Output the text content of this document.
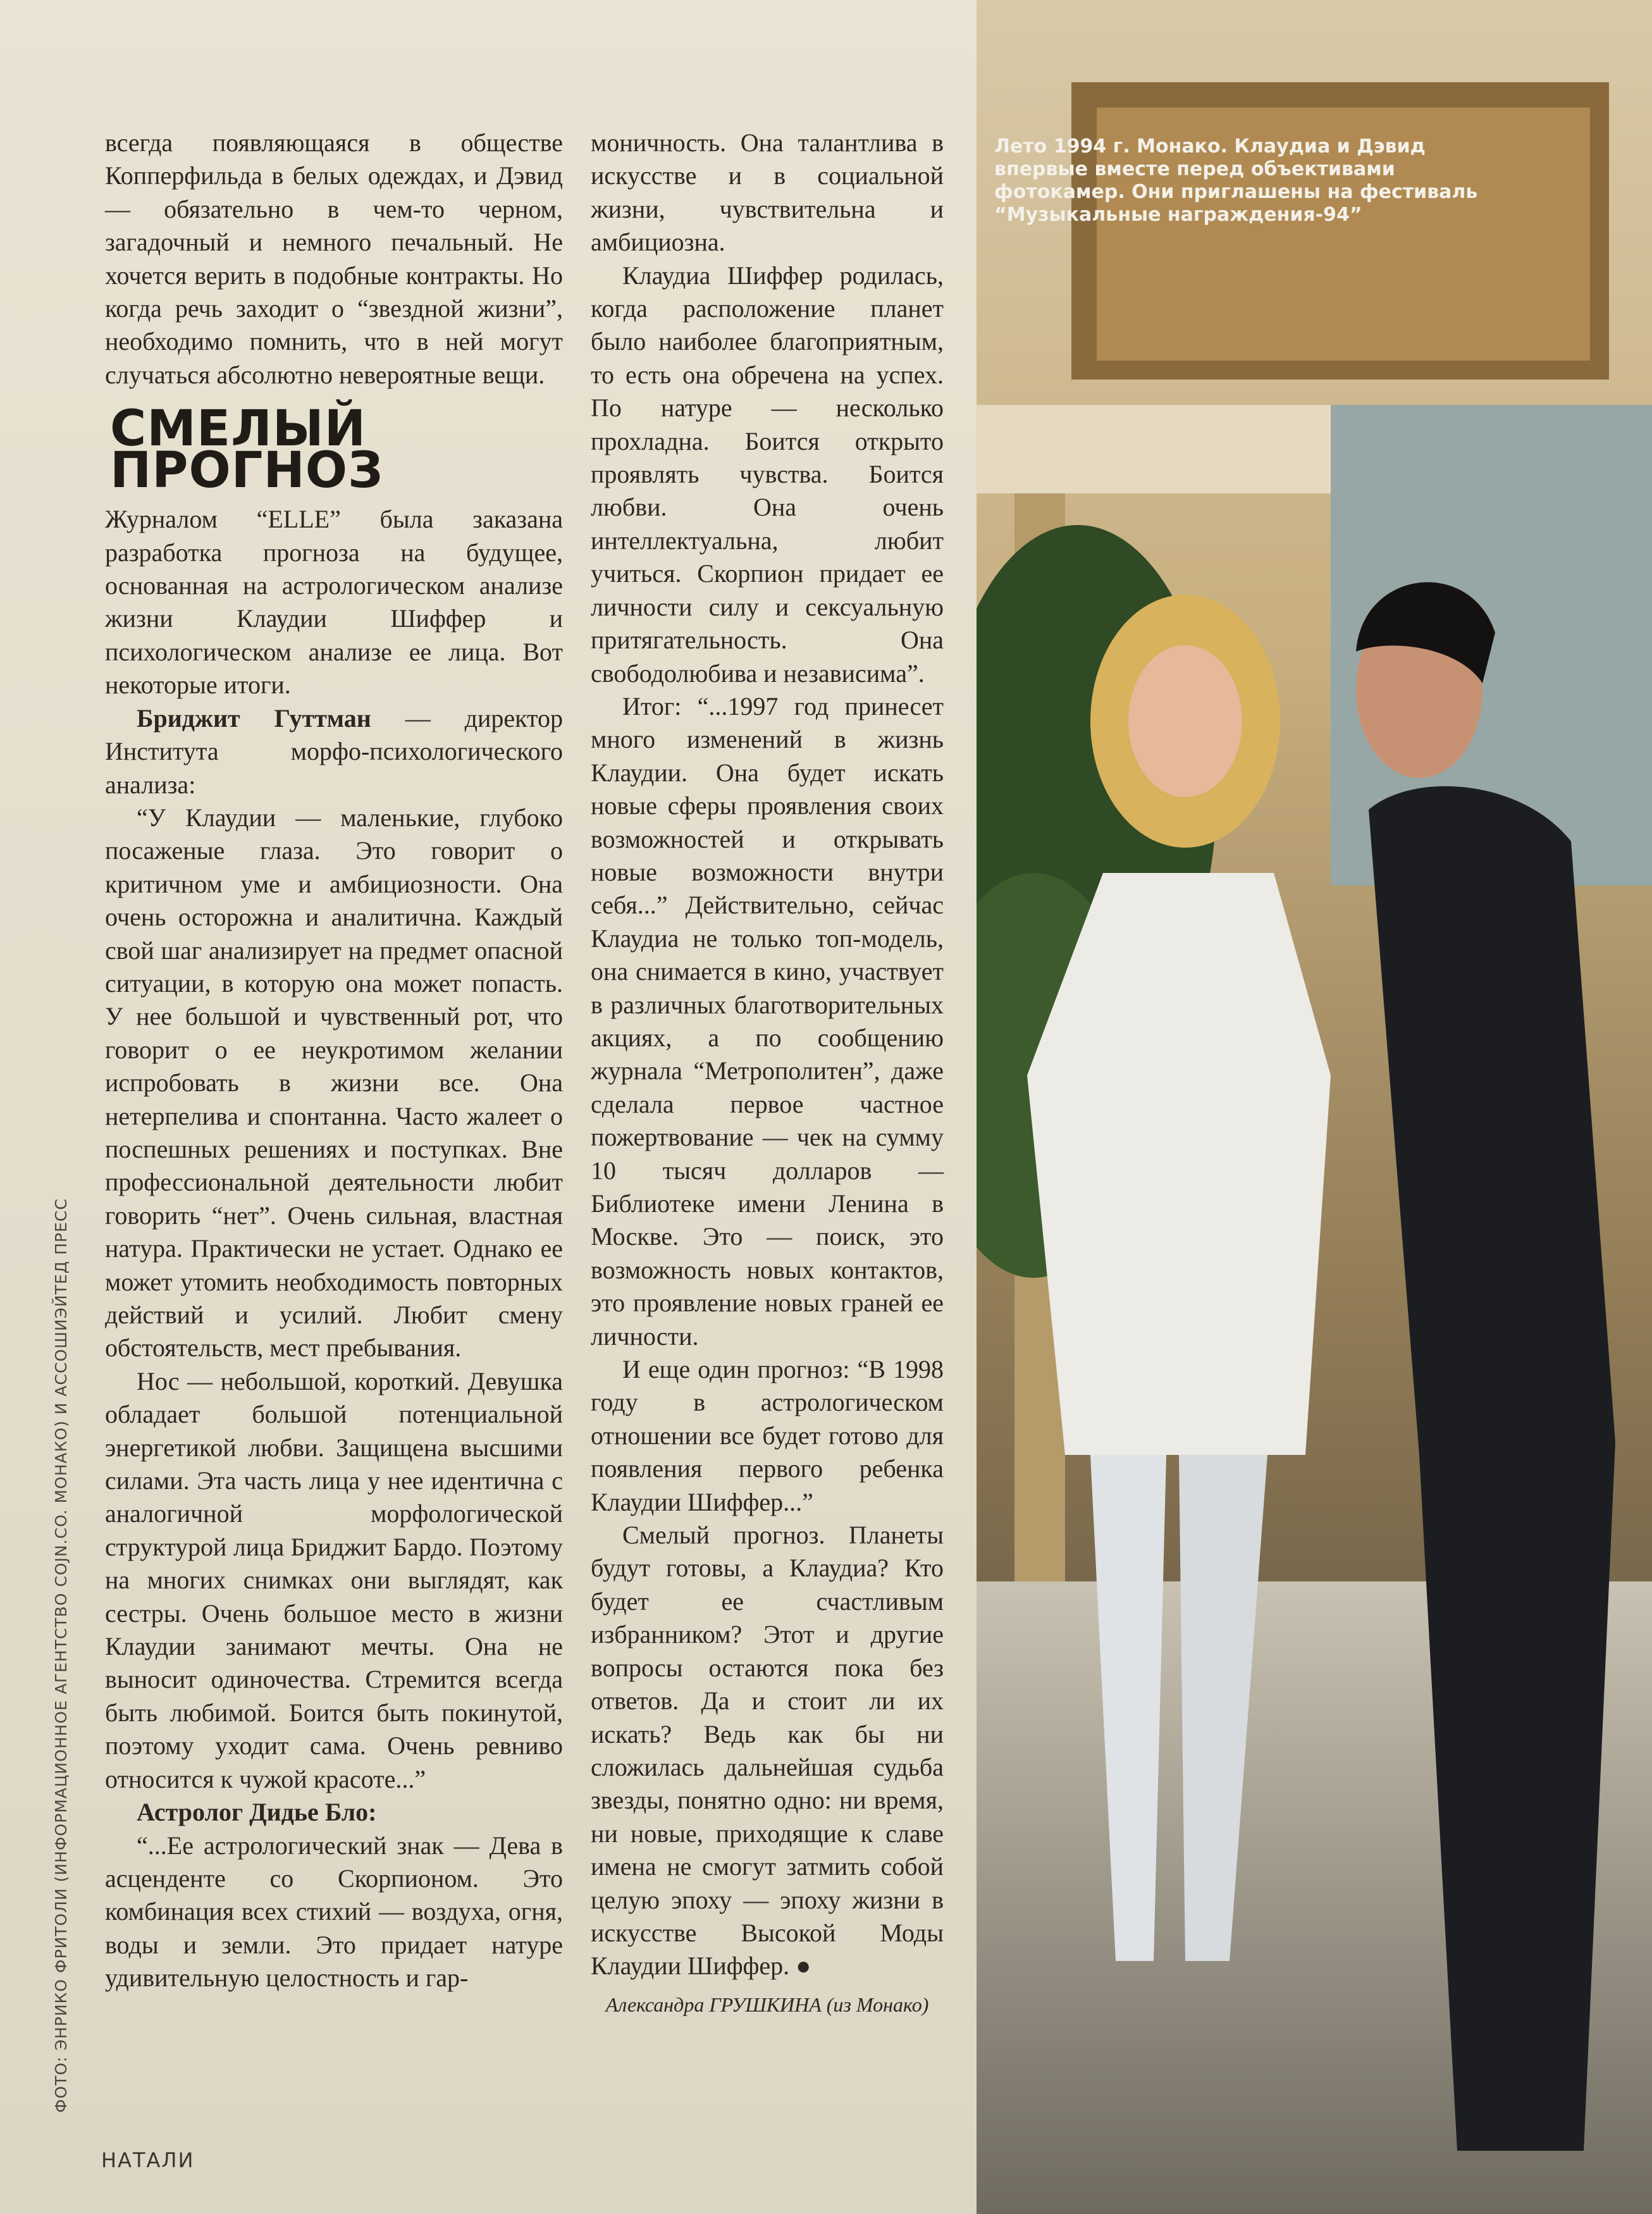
всегда появляющаяся в обществе Копперфильда в белых одеждах, и Дэвид — обязательно в чем-то черном, загадочный и немного печальный. Не хочется верить в подобные контракты. Но когда речь заходит о “звездной жизни”, необходимо помнить, что в ней могут случаться абсолютно невероятные вещи.

СМЕЛЫЙ
ПРОГНОЗ

Журналом “ELLE” была заказана разработка прогноза на будущее, основанная на астрологическом анализе жизни Клаудии Шиффер и психологическом анализе ее лица. Вот некоторые итоги.

Бриджит Гуттман — директор Института морфо-психологического анализа:

“У Клаудии — маленькие, глубоко посаженые глаза. Это говорит о критичном уме и амбициозности. Она очень осторожна и аналитична. Каждый свой шаг анализирует на предмет опасной ситуации, в которую она может попасть. У нее большой и чувственный рот, что говорит о ее неукротимом желании испробовать в жизни все. Она нетерпелива и спонтанна. Часто жалеет о поспешных решениях и поступках. Вне профессиональной деятельности любит говорить “нет”. Очень сильная, властная натура. Практически не устает. Однако ее может утомить необходимость повторных действий и усилий. Любит смену обстоятельств, мест пребывания.

Нос — небольшой, короткий. Девушка обладает большой потенциальной энергетикой любви. Защищена высшими силами. Эта часть лица у нее идентична с аналогичной морфологической структурой лица Бриджит Бардо. Поэтому на многих снимках они выглядят, как сестры. Очень большое место в жизни Клаудии занимают мечты. Она не выносит одиночества. Стремится всегда быть любимой. Боится быть покинутой, поэтому уходит сама. Очень ревниво относится к чужой красоте...”

Астролог Дидье Бло:

“...Ее астрологический знак — Дева в асценденте со Скорпионом. Это комбинация всех стихий — воздуха, огня, воды и земли. Это придает натуре удивительную целостность и гар-

моничность. Она талантлива в искусстве и в социальной жизни, чувствительна и амбициозна.

Клаудиа Шиффер родилась, когда расположение планет было наиболее благоприятным, то есть она обречена на успех. По натуре — несколько прохладна. Боится открыто проявлять чувства. Боится любви. Она очень интеллектуальна, любит учиться. Скорпион придает ее личности силу и сексуальную притягательность. Она свободолюбива и независима”.

Итог: “...1997 год принесет много изменений в жизнь Клаудии. Она будет искать новые сферы проявления своих возможностей и открывать новые возможности внутри себя...” Действительно, сейчас Клаудиа не только топ-модель, она снимается в кино, участвует в различных благотворительных акциях, а по сообщению журнала “Метрополитен”, даже сделала первое частное пожертвование — чек на сумму 10 тысяч долларов — Библиотеке имени Ленина в Москве. Это — поиск, это возможность новых контактов, это проявление новых граней ее личности.

И еще один прогноз: “В 1998 году в астрологическом отношении все будет готово для появления первого ребенка Клаудии Шиффер...”

Смелый прогноз. Планеты будут готовы, а Клаудиа? Кто будет ее счастливым избранником? Этот и другие вопросы остаются пока без ответов. Да и стоит ли их искать? Ведь как бы ни сложилась дальнейшая судьба звезды, понятно одно: ни время, ни новые, приходящие к славе имена не смогут затмить собой целую эпоху — эпоху жизни в искусстве Высокой Моды Клаудии Шиффер. ●

Александра ГРУШКИНА (из Монако)

ФОТО: ЭНРИКО ФРИТОЛИ (ИНФОРМАЦИОННОЕ АГЕНТСТВО COJN.CO. МОНАКО) И АССОШИЭЙТЕД ПРЕСС
НАТАЛИ
Лето 1994 г. Монако. Клаудиа и Дэвид впервые вместе перед объективами фотокамер. Они приглашены на фестиваль “Музыкальные награждения-94”
